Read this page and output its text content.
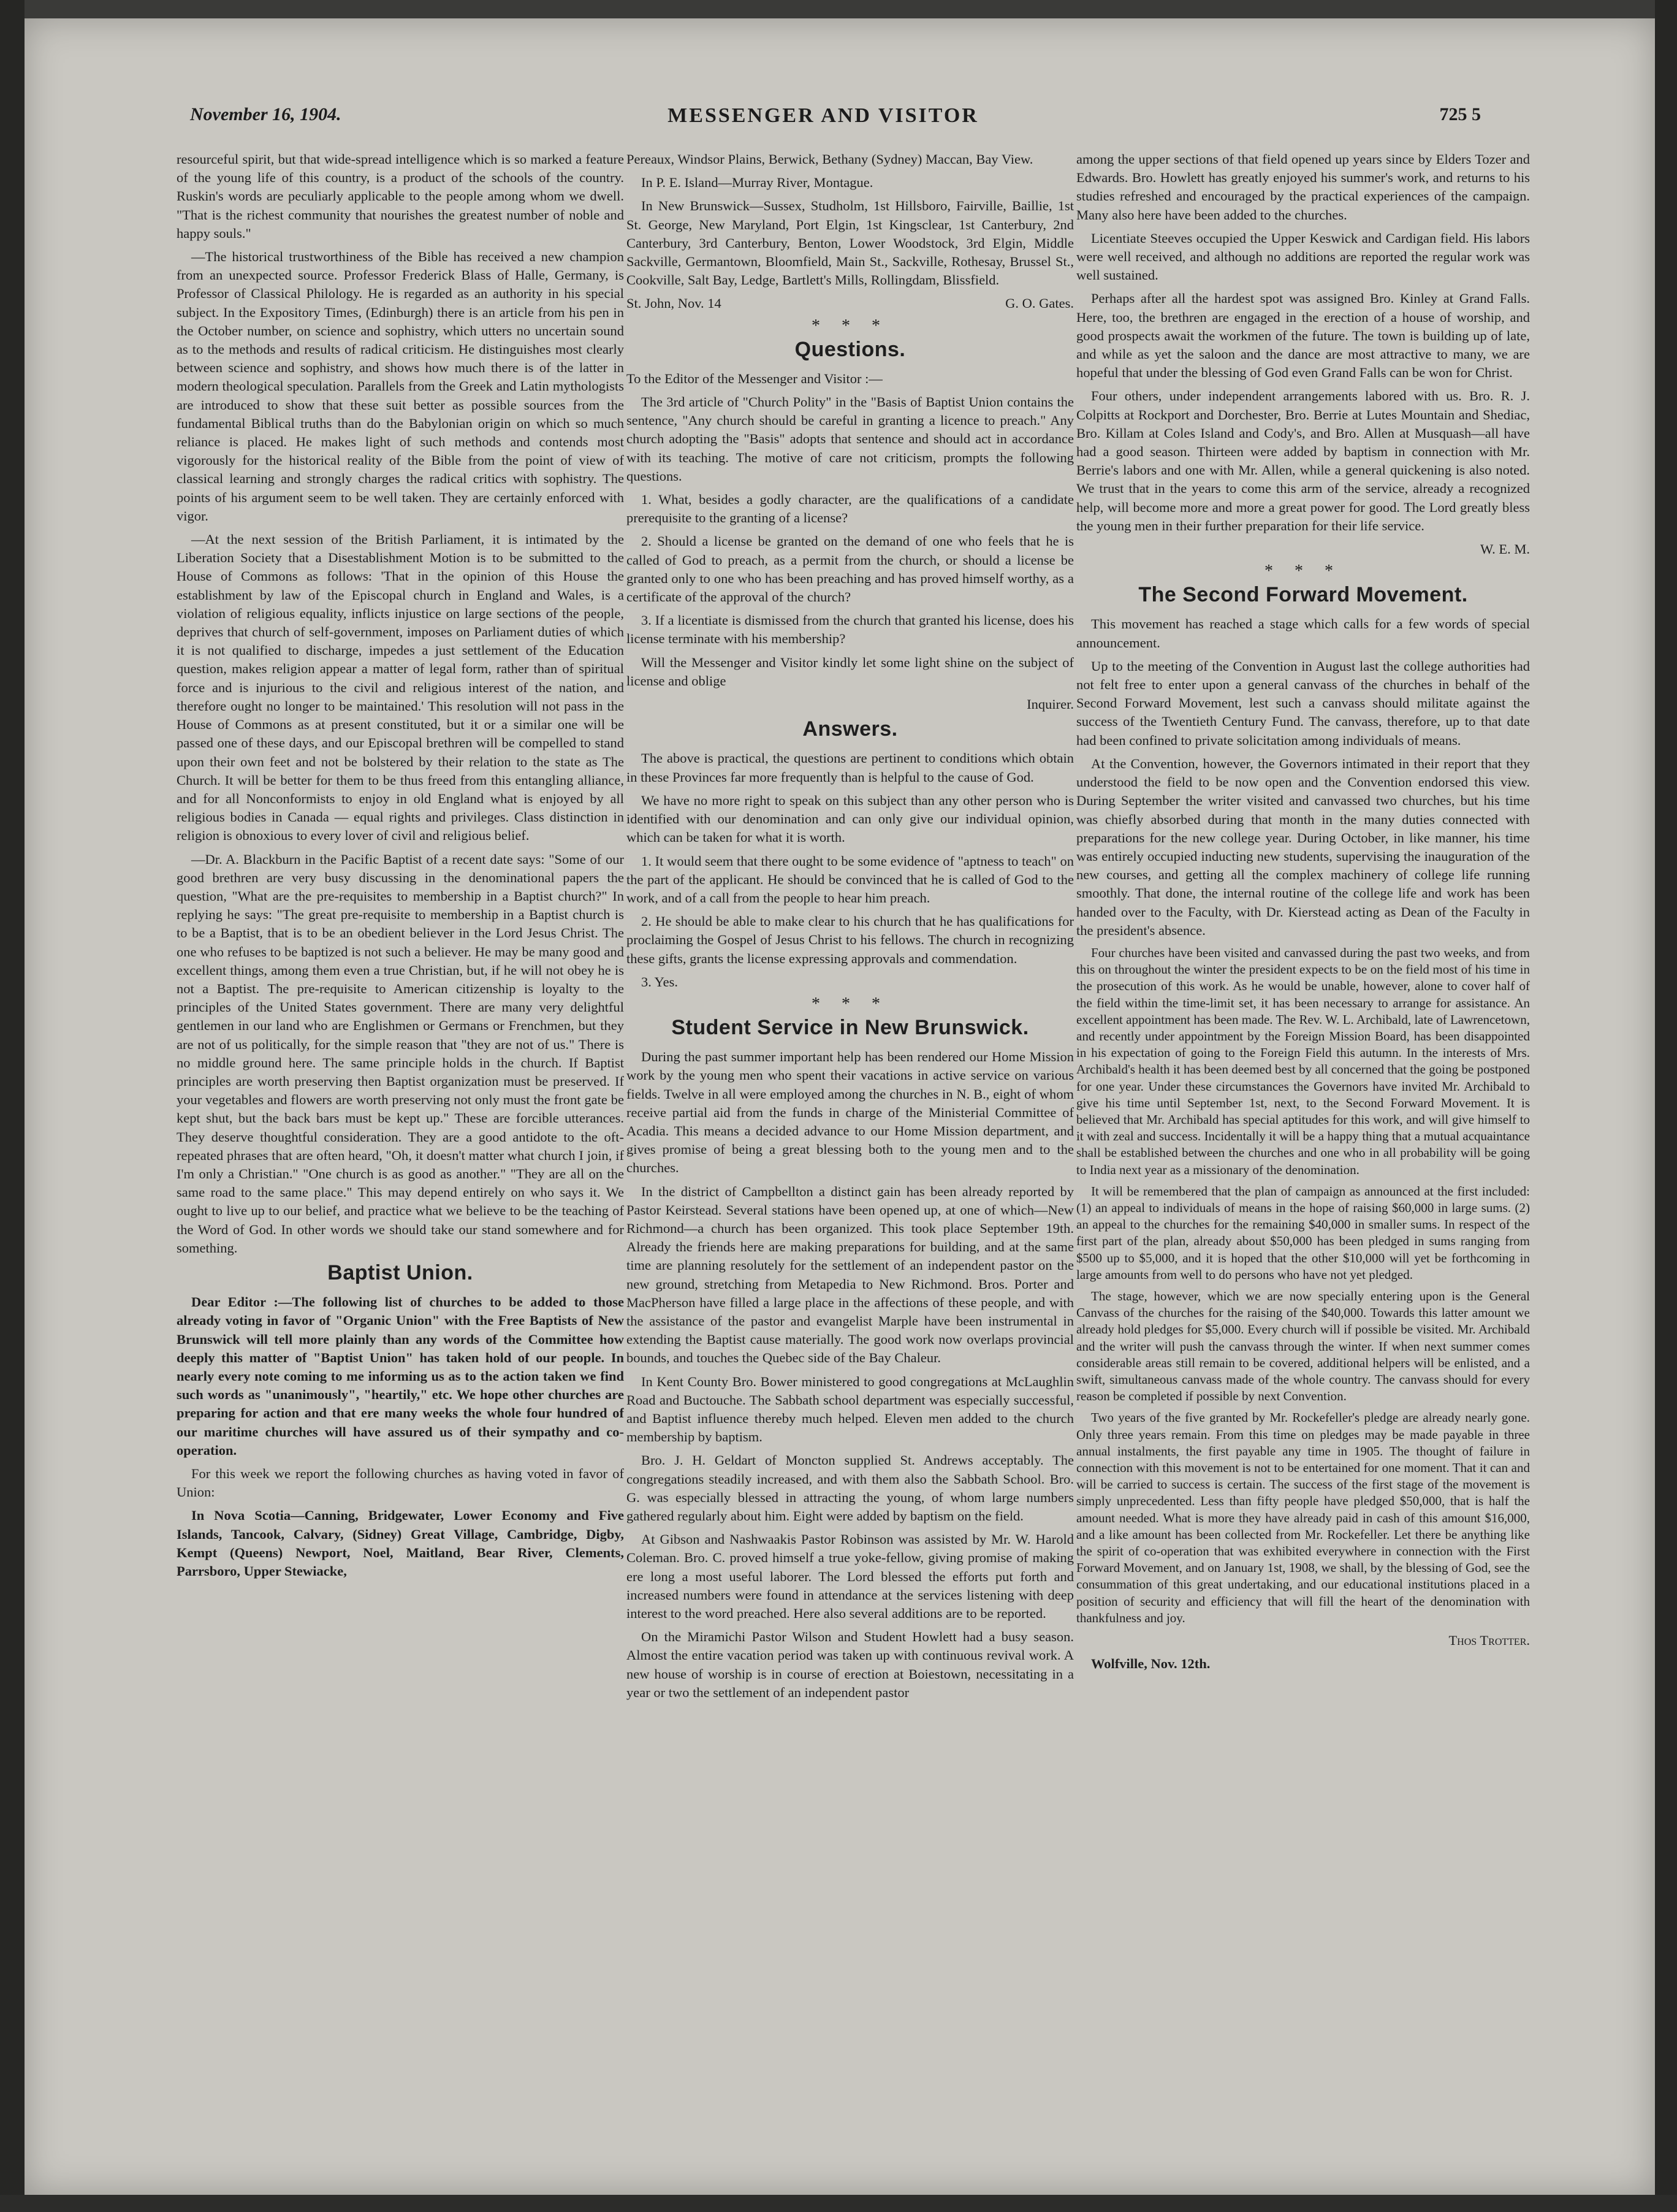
November 16, 1904.	MESSENGER AND VISITOR	725 5

resourceful spirit, but that wide-spread intelligence which is so marked a feature of the young life of this country, is a product of the schools of the country. Ruskin's words are peculiarly applicable to the people among whom we dwell. "That is the richest community that nourishes the greatest number of noble and happy souls."

—The historical trustworthiness of the Bible has received a new champion from an unexpected source. Professor Frederick Blass of Halle, Germany, is Professor of Classical Philology. He is regarded as an authority in his special subject. In the Expository Times, (Edinburgh) there is an article from his pen in the October number, on science and sophistry, which utters no uncertain sound as to the methods and results of radical criticism. He distinguishes most clearly between science and sophistry, and shows how much there is of the latter in modern theological speculation. Parallels from the Greek and Latin mythologists are introduced to show that these suit better as possible sources from the fundamental Biblical truths than do the Babylonian origin on which so much reliance is placed. He makes light of such methods and contends most vigorously for the historical reality of the Bible from the point of view of classical learning and strongly charges the radical critics with sophistry. The points of his argument seem to be well taken. They are certainly enforced with vigor.

—At the next session of the British Parliament, it is intimated by the Liberation Society that a Disestablishment Motion is to be submitted to the House of Commons as follows: 'That in the opinion of this House the establishment by law of the Episcopal church in England and Wales, is a violation of religious equality, inflicts injustice on large sections of the people, deprives that church of self-government, imposes on Parliament duties of which it is not qualified to discharge, impedes a just settlement of the Education question, makes religion appear a matter of legal form, rather than of spiritual force and is injurious to the civil and religious interest of the nation, and therefore ought no longer to be maintained.' This resolution will not pass in the House of Commons as at present constituted, but it or a similar one will be passed one of these days, and our Episcopal brethren will be compelled to stand upon their own feet and not be bolstered by their relation to the state as The Church. It will be better for them to be thus freed from this entangling alliance, and for all Nonconformists to enjoy in old England what is enjoyed by all religious bodies in Canada — equal rights and privileges. Class distinction in religion is obnoxious to every lover of civil and religious belief.

—Dr. A. Blackburn in the Pacific Baptist of a recent date says: "Some of our good brethren are very busy discussing in the denominational papers the question, "What are the pre-requisites to membership in a Baptist church?" In replying he says: "The great pre-requisite to membership in a Baptist church is to be a Baptist, that is to be an obedient believer in the Lord Jesus Christ. The one who refuses to be baptized is not such a believer. He may be many good and excellent things, among them even a true Christian, but, if he will not obey he is not a Baptist. The pre-requisite to American citizenship is loyalty to the principles of the United States government. There are many very delightful gentlemen in our land who are Englishmen or Germans or Frenchmen, but they are not of us politically, for the simple reason that "they are not of us." There is no middle ground here. The same principle holds in the church. If Baptist principles are worth preserving then Baptist organization must be preserved. If your vegetables and flowers are worth preserving not only must the front gate be kept shut, but the back bars must be kept up." These are forcible utterances. They deserve thoughtful consideration. They are a good antidote to the oft-repeated phrases that are often heard, "Oh, it doesn't matter what church I join, if I'm only a Christian." "One church is as good as another." "They are all on the same road to the same place." This may depend entirely on who says it. We ought to live up to our belief, and practice what we believe to be the teaching of the Word of God. In other words we should take our stand somewhere and for something.

Baptist Union.

Dear Editor :—The following list of churches to be added to those already voting in favor of "Organic Union" with the Free Baptists of New Brunswick will tell more plainly than any words of the Committee how deeply this matter of "Baptist Union" has taken hold of our people. In nearly every note coming to me informing us as to the action taken we find such words as "unanimously", "heartily," etc. We hope other churches are preparing for action and that ere many weeks the whole four hundred of our maritime churches will have assured us of their sympathy and co-operation.

For this week we report the following churches as having voted in favor of Union:

In Nova Scotia—Canning, Bridgewater, Lower Economy and Five Islands, Tancook, Calvary, (Sidney) Great Village, Cambridge, Digby, Kempt (Queens) Newport, Noel, Maitland, Bear River, Clements, Parrsboro, Upper Stewiacke,

Pereaux, Windsor Plains, Berwick, Bethany (Sydney) Maccan, Bay View.

In P. E. Island—Murray River, Montague.

In New Brunswick—Sussex, Studholm, 1st Hillsboro, Fairville, Baillie, 1st St. George, New Maryland, Port Elgin, 1st Kingsclear, 1st Canterbury, 2nd Canterbury, 3rd Canterbury, Benton, Lower Woodstock, 3rd Elgin, Middle Sackville, Germantown, Bloomfield, Main St., Sackville, Rothesay, Brussel St., Cookville, Salt Bay, Ledge, Bartlett's Mills, Rollingdam, Blissfield.

St. John, Nov. 14	G. O. Gates.

* * *
Questions.

To the Editor of the Messenger and Visitor :—

The 3rd article of "Church Polity" in the "Basis of Baptist Union contains the sentence, "Any church should be careful in granting a licence to preach." Any church adopting the "Basis" adopts that sentence and should act in accordance with its teaching. The motive of care not criticism, prompts the following questions.

1. What, besides a godly character, are the qualifications of a candidate prerequisite to the granting of a license?

2. Should a license be granted on the demand of one who feels that he is called of God to preach, as a permit from the church, or should a license be granted only to one who has been preaching and has proved himself worthy, as a certificate of the approval of the church?

3. If a licentiate is dismissed from the church that granted his license, does his license terminate with his membership?

Will the Messenger and Visitor kindly let some light shine on the subject of license and oblige

Inquirer.

Answers.

The above is practical, the questions are pertinent to conditions which obtain in these Provinces far more frequently than is helpful to the cause of God.

We have no more right to speak on this subject than any other person who is identified with our denomination and can only give our individual opinion, which can be taken for what it is worth.

1. It would seem that there ought to be some evidence of "aptness to teach" on the part of the applicant. He should be convinced that he is called of God to the work, and of a call from the people to hear him preach.

2. He should be able to make clear to his church that he has qualifications for proclaiming the Gospel of Jesus Christ to his fellows. The church in recognizing these gifts, grants the license expressing approvals and commendation.

3. Yes.

* * *
Student Service in New Brunswick.

During the past summer important help has been rendered our Home Mission work by the young men who spent their vacations in active service on various fields. Twelve in all were employed among the churches in N. B., eight of whom receive partial aid from the funds in charge of the Ministerial Committee of Acadia. This means a decided advance to our Home Mission department, and gives promise of being a great blessing both to the young men and to the churches.

In the district of Campbellton a distinct gain has been already reported by Pastor Keirstead. Several stations have been opened up, at one of which—New Richmond—a church has been organized. This took place September 19th. Already the friends here are making preparations for building, and at the same time are planning resolutely for the settlement of an independent pastor on the new ground, stretching from Metapedia to New Richmond. Bros. Porter and MacPherson have filled a large place in the affections of these people, and with the assistance of the pastor and evangelist Marple have been instrumental in extending the Baptist cause materially. The good work now overlaps provincial bounds, and touches the Quebec side of the Bay Chaleur.

In Kent County Bro. Bower ministered to good congregations at McLaughlin Road and Buctouche. The Sabbath school department was especially successful, and Baptist influence thereby much helped. Eleven men added to the church membership by baptism.

Bro. J. H. Geldart of Moncton supplied St. Andrews acceptably. The congregations steadily increased, and with them also the Sabbath School. Bro. G. was especially blessed in attracting the young, of whom large numbers gathered regularly about him. Eight were added by baptism on the field.

At Gibson and Nashwaakis Pastor Robinson was assisted by Mr. W. Harold Coleman. Bro. C. proved himself a true yoke-fellow, giving promise of making ere long a most useful laborer. The Lord blessed the efforts put forth and increased numbers were found in attendance at the services listening with deep interest to the word preached. Here also several additions are to be reported.

On the Miramichi Pastor Wilson and Student Howlett had a busy season. Almost the entire vacation period was taken up with continuous revival work. A new house of worship is in course of erection at Boiestown, necessitating in a year or two the settlement of an independent pastor

among the upper sections of that field opened up years since by Elders Tozer and Edwards. Bro. Howlett has greatly enjoyed his summer's work, and returns to his studies refreshed and encouraged by the practical experiences of the campaign. Many also here have been added to the churches.

Licentiate Steeves occupied the Upper Keswick and Cardigan field. His labors were well received, and although no additions are reported the regular work was well sustained.

Perhaps after all the hardest spot was assigned Bro. Kinley at Grand Falls. Here, too, the brethren are engaged in the erection of a house of worship, and good prospects await the workmen of the future. The town is building up of late, and while as yet the saloon and the dance are most attractive to many, we are hopeful that under the blessing of God even Grand Falls can be won for Christ.

Four others, under independent arrangements labored with us. Bro. R. J. Colpitts at Rockport and Dorchester, Bro. Berrie at Lutes Mountain and Shediac, Bro. Killam at Coles Island and Cody's, and Bro. Allen at Musquash—all have had a good season. Thirteen were added by baptism in connection with Mr. Berrie's labors and one with Mr. Allen, while a general quickening is also noted. We trust that in the years to come this arm of the service, already a recognized help, will become more and more a great power for good. The Lord greatly bless the young men in their further preparation for their life service.

W. E. M.

* * *
The Second Forward Movement.

This movement has reached a stage which calls for a few words of special announcement.

Up to the meeting of the Convention in August last the college authorities had not felt free to enter upon a general canvass of the churches in behalf of the Second Forward Movement, lest such a canvass should militate against the success of the Twentieth Century Fund. The canvass, therefore, up to that date had been confined to private solicitation among individuals of means.

At the Convention, however, the Governors intimated in their report that they understood the field to be now open and the Convention endorsed this view. During September the writer visited and canvassed two churches, but his time was chiefly absorbed during that month in the many duties connected with preparations for the new college year. During October, in like manner, his time was entirely occupied inducting new students, supervising the inauguration of the new courses, and getting all the complex machinery of college life running smoothly. That done, the internal routine of the college life and work has been handed over to the Faculty, with Dr. Kierstead acting as Dean of the Faculty in the president's absence.

Four churches have been visited and canvassed during the past two weeks, and from this on throughout the winter the president expects to be on the field most of his time in the prosecution of this work. As he would be unable, however, alone to cover half of the field within the time-limit set, it has been necessary to arrange for assistance. An excellent appointment has been made. The Rev. W. L. Archibald, late of Lawrencetown, and recently under appointment by the Foreign Mission Board, has been disappointed in his expectation of going to the Foreign Field this autumn. In the interests of Mrs. Archibald's health it has been deemed best by all concerned that the going be postponed for one year. Under these circumstances the Governors have invited Mr. Archibald to give his time until September 1st, next, to the Second Forward Movement. It is believed that Mr. Archibald has special aptitudes for this work, and will give himself to it with zeal and success. Incidentally it will be a happy thing that a mutual acquaintance shall be established between the churches and one who in all probability will be going to India next year as a missionary of the denomination.

It will be remembered that the plan of campaign as announced at the first included: (1) an appeal to individuals of means in the hope of raising $60,000 in large sums. (2) an appeal to the churches for the remaining $40,000 in smaller sums. In respect of the first part of the plan, already about $50,000 has been pledged in sums ranging from $500 up to $5,000, and it is hoped that the other $10,000 will yet be forthcoming in large amounts from well to do persons who have not yet pledged.

The stage, however, which we are now specially entering upon is the General Canvass of the churches for the raising of the $40,000. Towards this latter amount we already hold pledges for $5,000. Every church will if possible be visited. Mr. Archibald and the writer will push the canvass through the winter. If when next summer comes considerable areas still remain to be covered, additional helpers will be enlisted, and a swift, simultaneous canvass made of the whole country. The canvass should for every reason be completed if possible by next Convention.

Two years of the five granted by Mr. Rockefeller's pledge are already nearly gone. Only three years remain. From this time on pledges may be made payable in three annual instalments, the first payable any time in 1905. The thought of failure in connection with this movement is not to be entertained for one moment. That it can and will be carried to success is certain. The success of the first stage of the movement is simply unprecedented. Less than fifty people have pledged $50,000, that is half the amount needed. What is more they have already paid in cash of this amount $16,000, and a like amount has been collected from Mr. Rockefeller. Let there be anything like the spirit of co-operation that was exhibited everywhere in connection with the First Forward Movement, and on January 1st, 1908, we shall, by the blessing of God, see the consummation of this great undertaking, and our educational institutions placed in a position of security and efficiency that will fill the heart of the denomination with thankfulness and joy.

Thos Trotter.

Wolfville, Nov. 12th.
